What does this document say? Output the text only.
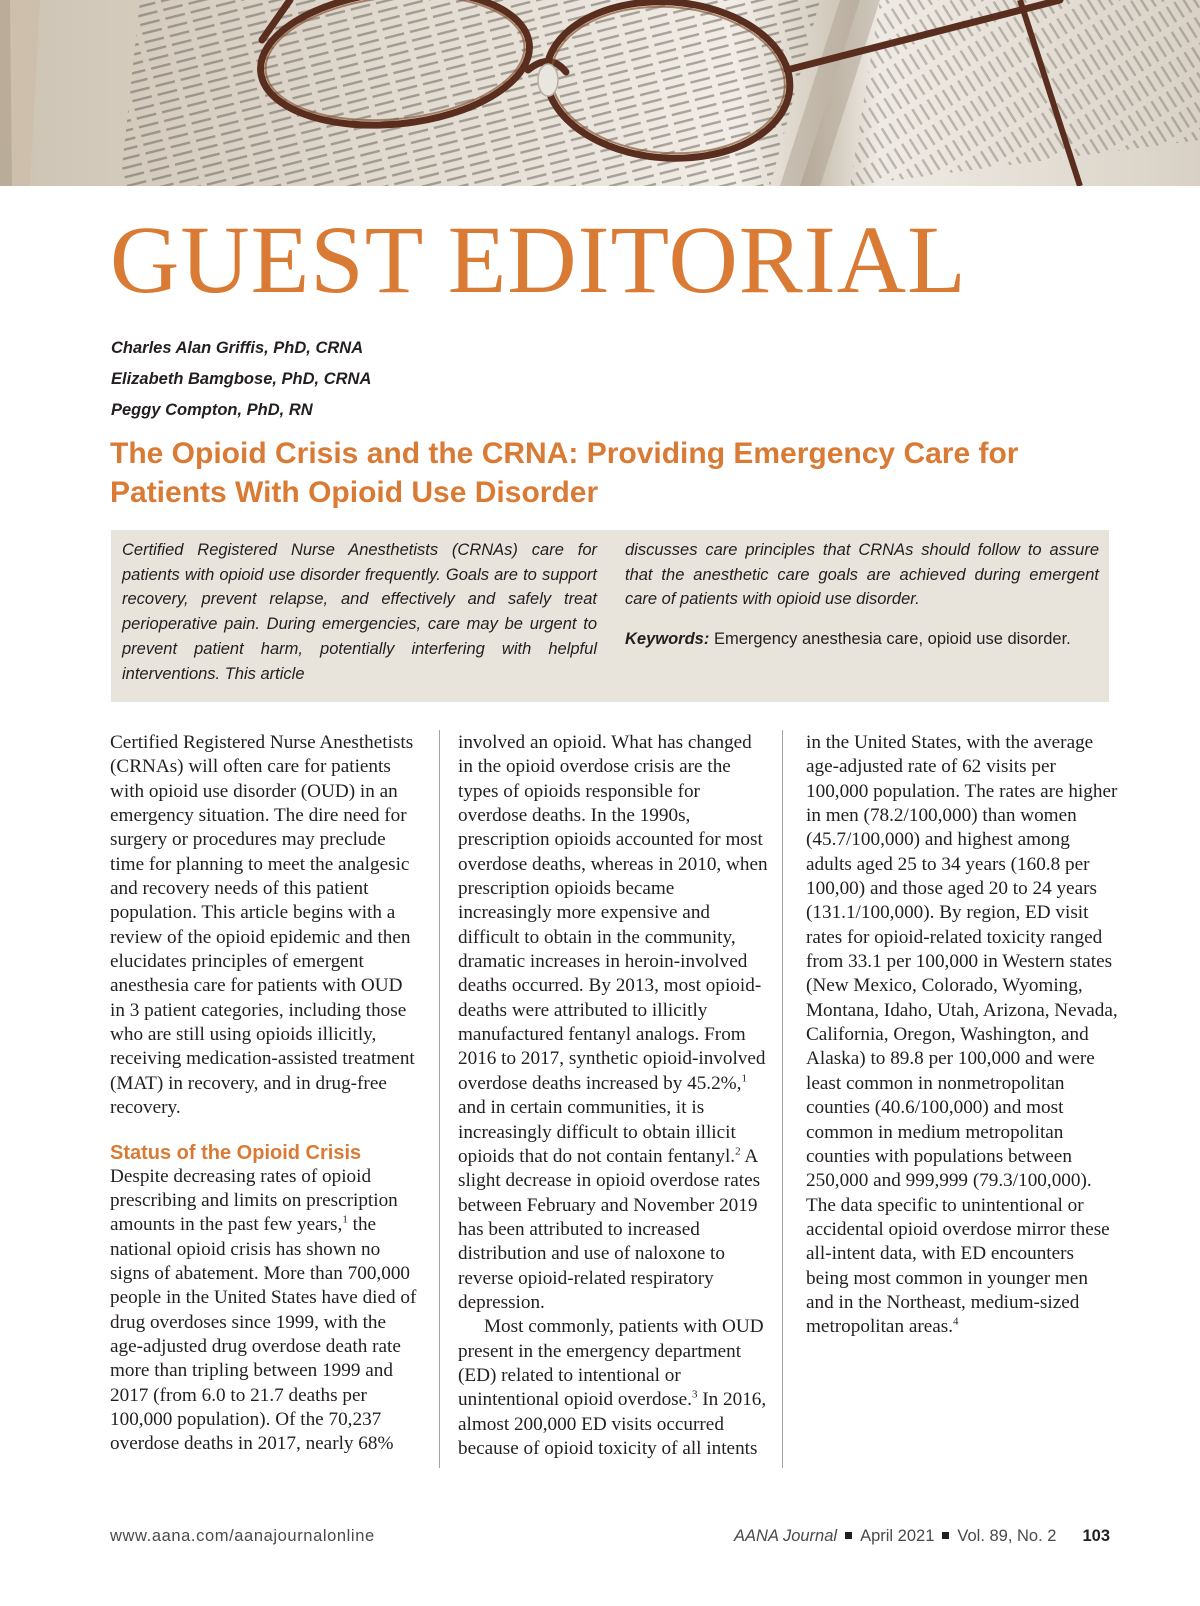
GUEST EDITORIAL
Charles Alan Griffis, PhD, CRNA
Elizabeth Bamgbose, PhD, CRNA
Peggy Compton, PhD, RN
The Opioid Crisis and the CRNA: Providing Emergency Care for Patients With Opioid Use Disorder
Certified Registered Nurse Anesthetists (CRNAs) care for patients with opioid use disorder frequently. Goals are to support recovery, prevent relapse, and effectively and safely treat perioperative pain. During emergencies, care may be urgent to prevent patient harm, potentially interfering with helpful interventions. This article
discusses care principles that CRNAs should follow to assure that the anesthetic care goals are achieved during emergent care of patients with opioid use disorder.
Keywords: Emergency anesthesia care, opioid use disorder.

Certified Registered Nurse Anesthetists (CRNAs) will often care for patients with opioid use disorder (OUD) in an emergency situation. The dire need for surgery or procedures may preclude time for planning to meet the analgesic and recovery needs of this patient population. This article begins with a review of the opioid epidemic and then elucidates principles of emergent anesthesia care for patients with OUD in 3 patient categories, including those who are still using opioids illicitly, receiving medication-assisted treatment (MAT) in recovery, and in drug-free recovery.

Status of the Opioid Crisis

Despite decreasing rates of opioid prescribing and limits on prescription amounts in the past few years,$^1$ the national opioid crisis has shown no signs of abatement. More than 700,000 people in the United States have died of drug overdoses since 1999, with the age-adjusted drug overdose death rate more than tripling between 1999 and 2017 (from 6.0 to 21.7 deaths per 100,000 population). Of the 70,237 overdose deaths in 2017, nearly 68% involved an opioid. What has changed in the opioid overdose crisis are the types of opioids responsible for overdose deaths. In the 1990s, prescription opioids accounted for most overdose deaths, whereas in 2010, when prescription opioids became increasingly more expensive and difficult to obtain in the community, dramatic increases in heroin-involved deaths occurred. By 2013, most opioid-deaths were attributed to illicitly manufactured fentanyl analogs. From 2016 to 2017, synthetic opioid-involved overdose deaths increased by 45.2%,$^1$ and in certain communities, it is increasingly difficult to obtain illicit opioids that do not contain fentanyl.$^2$ A slight decrease in opioid overdose rates between February and November 2019 has been attributed to increased distribution and use of naloxone to reverse opioid-related respiratory depression.

Most commonly, patients with OUD present in the emergency department (ED) related to intentional or unintentional opioid overdose.$^3$ In 2016, almost 200,000 ED visits occurred because of opioid toxicity of all intents in the United States, with the average age-adjusted rate of 62 visits per 100,000 population. The rates are higher in men (78.2/100,000) than women (45.7/100,000) and highest among adults aged 25 to 34 years (160.8 per 100,00) and those aged 20 to 24 years (131.1/100,000). By region, ED visit rates for opioid-related toxicity ranged from 33.1 per 100,000 in Western states (New Mexico, Colorado, Wyoming, Montana, Idaho, Utah, Arizona, Nevada, California, Oregon, Washington, and Alaska) to 89.8 per 100,000 and were least common in nonmetropolitan counties (40.6/100,000) and most common in medium metropolitan counties with populations between 250,000 and 999,999 (79.3/100,000). The data specific to unintentional or accidental opioid overdose mirror these all-intent data, with ED encounters being most common in younger men and in the Northeast, medium-sized metropolitan areas.$^4$

www.aana.com/aanajournalonline	AANA Journal April 2021 Vol. 89, No. 2 103
